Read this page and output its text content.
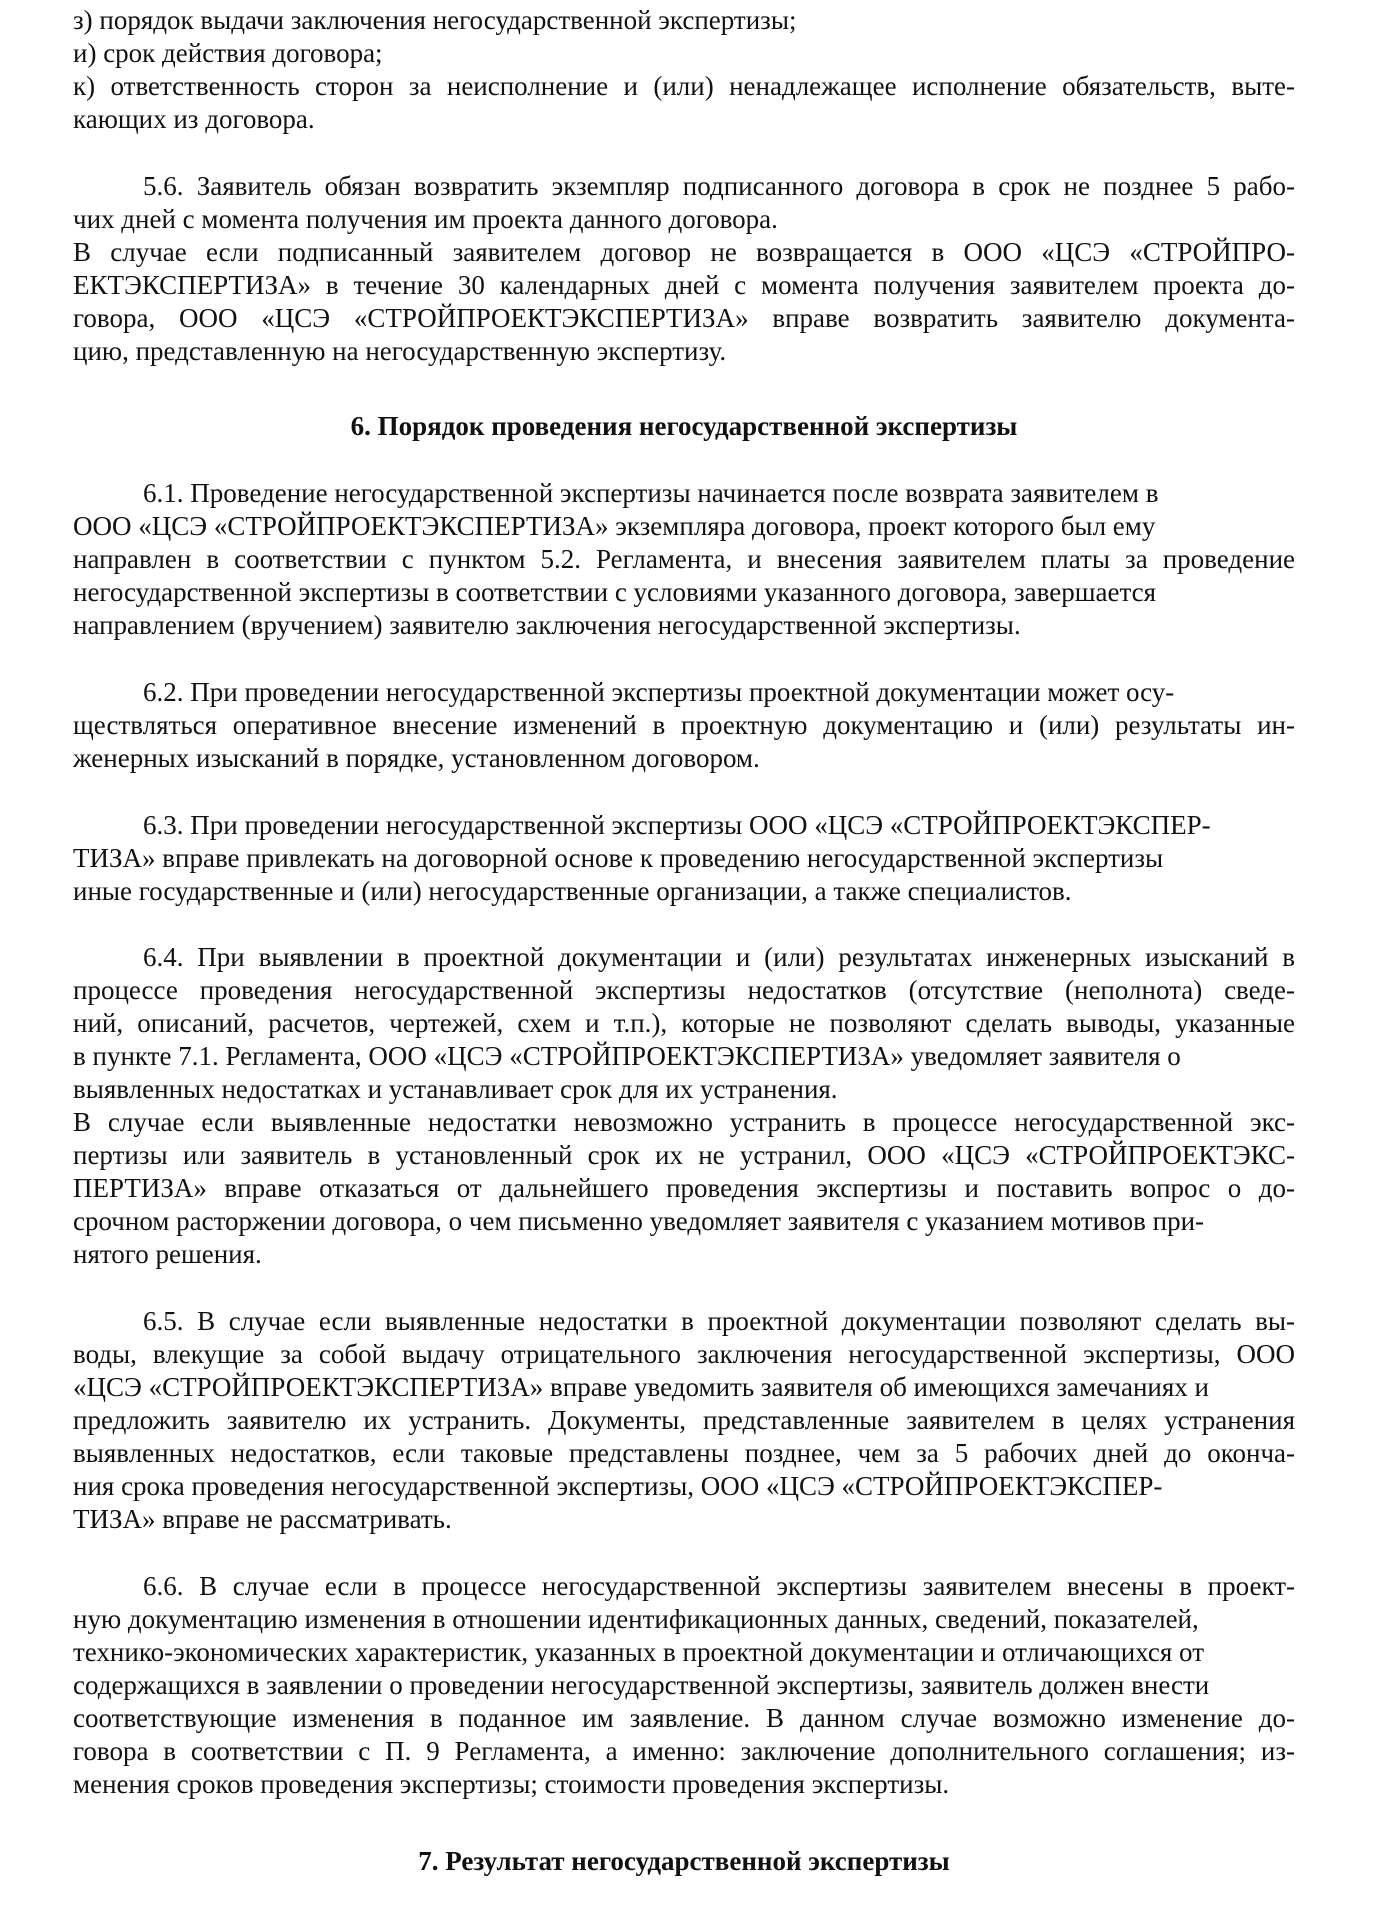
з) порядок выдачи заключения негосударственной экспертизы;
и) срок действия договора;
к) ответственность сторон за неисполнение и (или) ненадлежащее исполнение обязательств, выте-
кающих из договора.
5.6. Заявитель обязан возвратить экземпляр подписанного договора в срок не позднее 5 рабо-
чих дней с момента получения им проекта данного договора.
В случае если подписанный заявителем договор не возвращается в ООО «ЦСЭ «СТРОЙПРО-
ЕКТЭКСПЕРТИЗА» в течение 30 календарных дней с момента получения заявителем проекта до-
говора, ООО «ЦСЭ «СТРОЙПРОЕКТЭКСПЕРТИЗА» вправе возвратить заявителю документа-
цию, представленную на негосударственную экспертизу.
6. Порядок проведения негосударственной экспертизы
6.1. Проведение негосударственной экспертизы начинается после возврата заявителем в
ООО «ЦСЭ «СТРОЙПРОЕКТЭКСПЕРТИЗА» экземпляра договора, проект которого был ему
направлен в соответствии с пунктом 5.2. Регламента, и внесения заявителем платы за проведение
негосударственной экспертизы в соответствии с условиями указанного договора, завершается
направлением (вручением) заявителю заключения негосударственной экспертизы.
6.2. При проведении негосударственной экспертизы проектной документации может осу-
ществляться оперативное внесение изменений в проектную документацию и (или) результаты ин-
женерных изысканий в порядке, установленном договором.
6.3. При проведении негосударственной экспертизы ООО «ЦСЭ «СТРОЙПРОЕКТЭКСПЕР-
ТИЗА» вправе привлекать на договорной основе к проведению негосударственной экспертизы
иные государственные и (или) негосударственные организации, а также специалистов.
6.4. При выявлении в проектной документации и (или) результатах инженерных изысканий в
процессе проведения негосударственной экспертизы недостатков (отсутствие (неполнота) сведе-
ний, описаний, расчетов, чертежей, схем и т.п.), которые не позволяют сделать выводы, указанные
в пункте 7.1. Регламента, ООО «ЦСЭ «СТРОЙПРОЕКТЭКСПЕРТИЗА» уведомляет заявителя о
выявленных недостатках и устанавливает срок для их устранения.
В случае если выявленные недостатки невозможно устранить в процессе негосударственной экс-
пертизы или заявитель в установленный срок их не устранил, ООО «ЦСЭ «СТРОЙПРОЕКТЭКС-
ПЕРТИЗА» вправе отказаться от дальнейшего проведения экспертизы и поставить вопрос о до-
срочном расторжении договора, о чем письменно уведомляет заявителя с указанием мотивов при-
нятого решения.
6.5. В случае если выявленные недостатки в проектной документации позволяют сделать вы-
воды, влекущие за собой выдачу отрицательного заключения негосударственной экспертизы, ООО
«ЦСЭ «СТРОЙПРОЕКТЭКСПЕРТИЗА» вправе уведомить заявителя об имеющихся замечаниях и
предложить заявителю их устранить. Документы, представленные заявителем в целях устранения
выявленных недостатков, если таковые представлены позднее, чем за 5 рабочих дней до оконча-
ния срока проведения негосударственной экспертизы, ООО «ЦСЭ «СТРОЙПРОЕКТЭКСПЕР-
ТИЗА» вправе не рассматривать.
6.6. В случае если в процессе негосударственной экспертизы заявителем внесены в проект-
ную документацию изменения в отношении идентификационных данных, сведений, показателей,
технико-экономических характеристик, указанных в проектной документации и отличающихся от
содержащихся в заявлении о проведении негосударственной экспертизы, заявитель должен внести
соответствующие изменения в поданное им заявление. В данном случае возможно изменение до-
говора в соответствии с П. 9 Регламента, а именно: заключение дополнительного соглашения; из-
менения сроков проведения экспертизы; стоимости проведения экспертизы.
7. Результат негосударственной экспертизы
